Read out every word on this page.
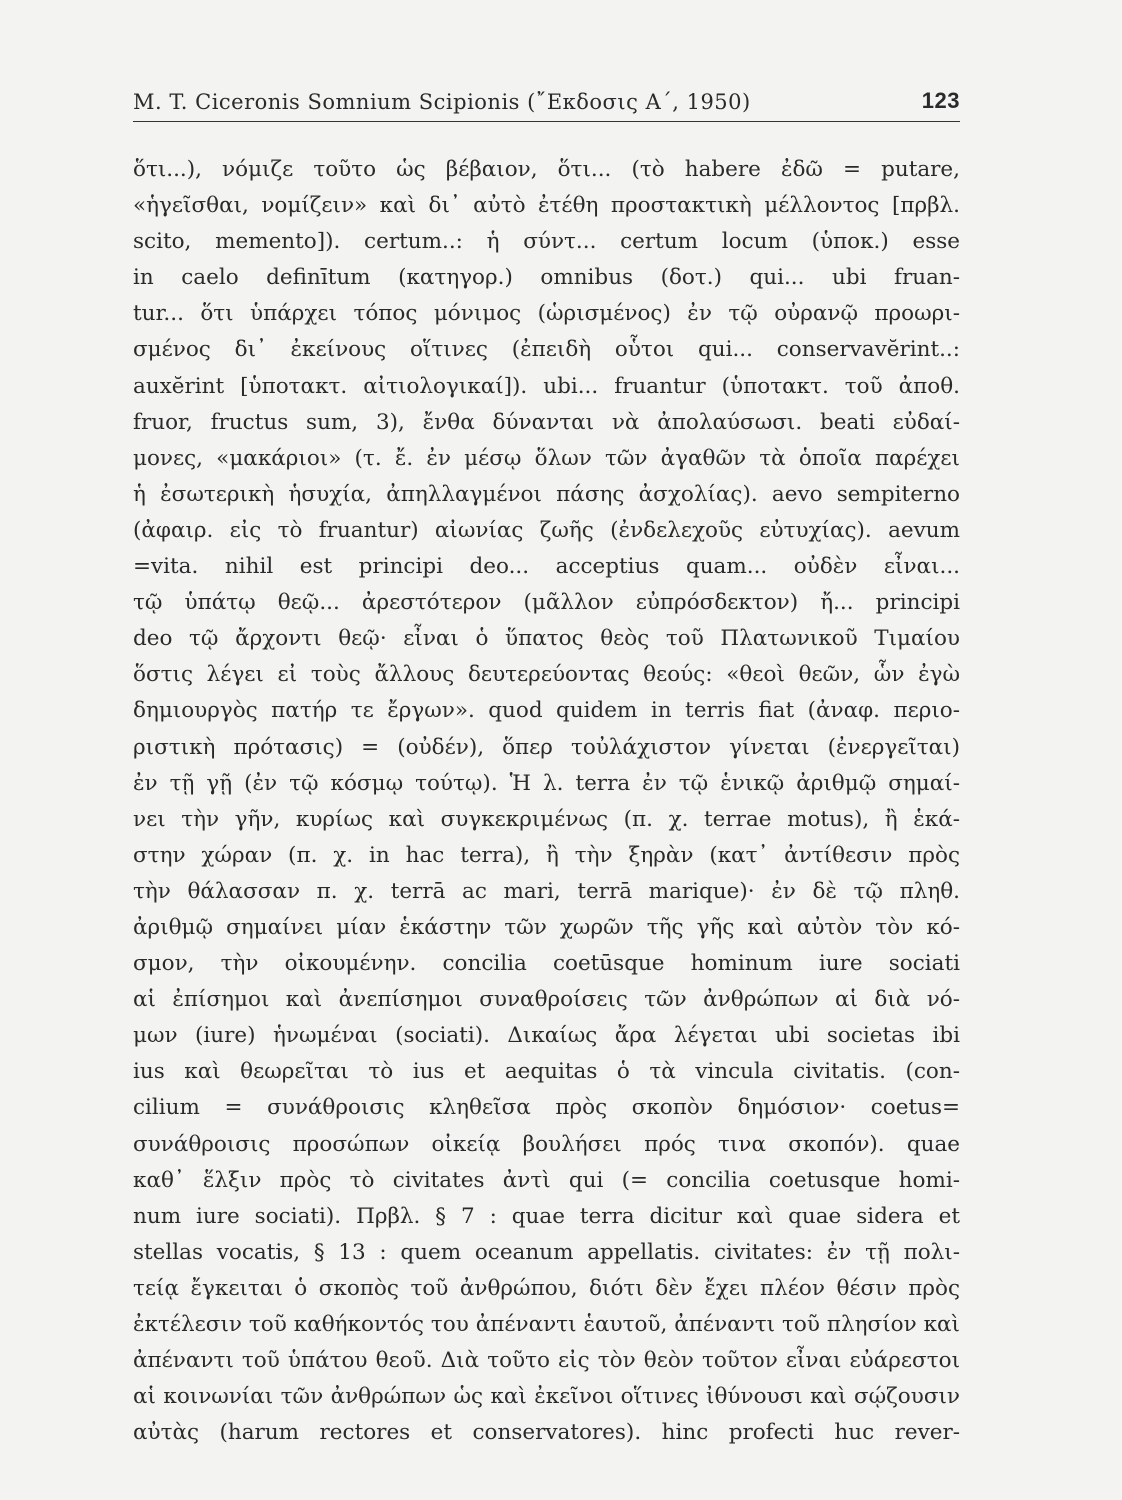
M. T. Ciceronis Somnium Scipionis (῎Εκδοσις Α΄, 1950)	123
ὅτι...), νόμιζε τοῦτο ὡς βέβαιον, ὅτι... (τὸ habere ἐδῶ = putare,
«ἡγεῖσθαι, νομίζειν» καὶ δι᾽ αὐτὸ ἐτέθη προστακτικὴ μέλλοντος [πρβλ.
scito, memento]). certum..: ἡ σύντ... certum locum (ὑποκ.) esse
in caelo definītum (κατηγορ.) omnibus (δοτ.) qui... ubi fruan-
tur... ὅτι ὑπάρχει τόπος μόνιμος (ὡρισμένος) ἐν τῷ οὐρανῷ προωρι-
σμένος δι᾽ ἐκείνους οἵτινες (ἐπειδὴ οὗτοι qui... conservavĕrint..:
auxĕrint [ὑποτακτ. αἰτιολογικαί]). ubi... fruantur (ὑποτακτ. τοῦ ἀποθ.
fruor, fructus sum, 3), ἔνθα δύνανται νὰ ἀπολαύσωσι. beati εὐδαί-
μονες, «μακάριοι» (τ. ἔ. ἐν μέσῳ ὅλων τῶν ἀγαθῶν τὰ ὁποῖα παρέχει
ἡ ἐσωτερικὴ ἡσυχία, ἀπηλλαγμένοι πάσης ἀσχολίας). aevo sempiterno
(ἀφαιρ. εἰς τὸ fruantur) αἰωνίας ζωῆς (ἐνδελεχοῦς εὐτυχίας). aevum
=vita. nihil est principi deo... acceptius quam... οὐδὲν εἶναι...
τῷ ὑπάτῳ θεῷ... ἀρεστότερον (μᾶλλον εὐπρόσδεκτον) ἤ... principi
deo τῷ ἄρχοντι θεῷ· εἶναι ὁ ὕπατος θεὸς τοῦ Πλατωνικοῦ Τιμαίου
ὅστις λέγει εἰ τοὺς ἄλλους δευτερεύοντας θεούς: «θεοὶ θεῶν, ὧν ἐγὼ
δημιουργὸς πατήρ τε ἔργων». quod quidem in terris fiat (ἀναφ. περιο-
ριστικὴ πρότασις) = (οὐδέν), ὅπερ τοὐλάχιστον γίνεται (ἐνεργεῖται)
ἐν τῇ γῇ (ἐν τῷ κόσμῳ τούτῳ). Ἡ λ. terra ἐν τῷ ἑνικῷ ἀριθμῷ σημαί-
νει τὴν γῆν, κυρίως καὶ συγκεκριμένως (π. χ. terrae motus), ἢ ἑκά-
στην χώραν (π. χ. in hac terra), ἢ τὴν ξηρὰν (κατ᾽ ἀντίθεσιν πρὸς
τὴν θάλασσαν π. χ. terrā ac mari, terrā marique)· ἐν δὲ τῷ πληθ.
ἀριθμῷ σημαίνει μίαν ἑκάστην τῶν χωρῶν τῆς γῆς καὶ αὐτὸν τὸν κό-
σμον, τὴν οἰκουμένην. concilia coetūsque hominum iure sociati
αἱ ἐπίσημοι καὶ ἀνεπίσημοι συναθροίσεις τῶν ἀνθρώπων αἱ διὰ νό-
μων (iure) ἡνωμέναι (sociati). Δικαίως ἄρα λέγεται ubi societas ibi
ius καὶ θεωρεῖται τὸ ius et aequitas ὁ τὰ vincula civitatis. (con-
cilium = συνάθροισις κληθεῖσα πρὸς σκοπὸν δημόσιον· coetus=
συνάθροισις προσώπων οἰκείᾳ βουλήσει πρός τινα σκοπόν). quae
καθ᾽ ἕλξιν πρὸς τὸ civitates ἀντὶ qui (= concilia coetusque homi-
num iure sociati). Πρβλ. § 7 : quae terra dicitur καὶ quae sidera et
stellas vocatis, § 13 : quem oceanum appellatis. civitates: ἐν τῇ πολι-
τείᾳ ἔγκειται ὁ σκοπὸς τοῦ ἀνθρώπου, διότι δὲν ἔχει πλέον θέσιν πρὸς
ἐκτέλεσιν τοῦ καθήκοντός του ἀπέναντι ἑαυτοῦ, ἀπέναντι τοῦ πλησίον καὶ
ἀπέναντι τοῦ ὑπάτου θεοῦ. Διὰ τοῦτο εἰς τὸν θεὸν τοῦτον εἶναι εὐάρεστοι
αἱ κοινωνίαι τῶν ἀνθρώπων ὡς καὶ ἐκεῖνοι οἵτινες ἰθύνουσι καὶ σῴζουσιν
αὐτὰς (harum rectores et conservatores). hinc profecti huc rever-
